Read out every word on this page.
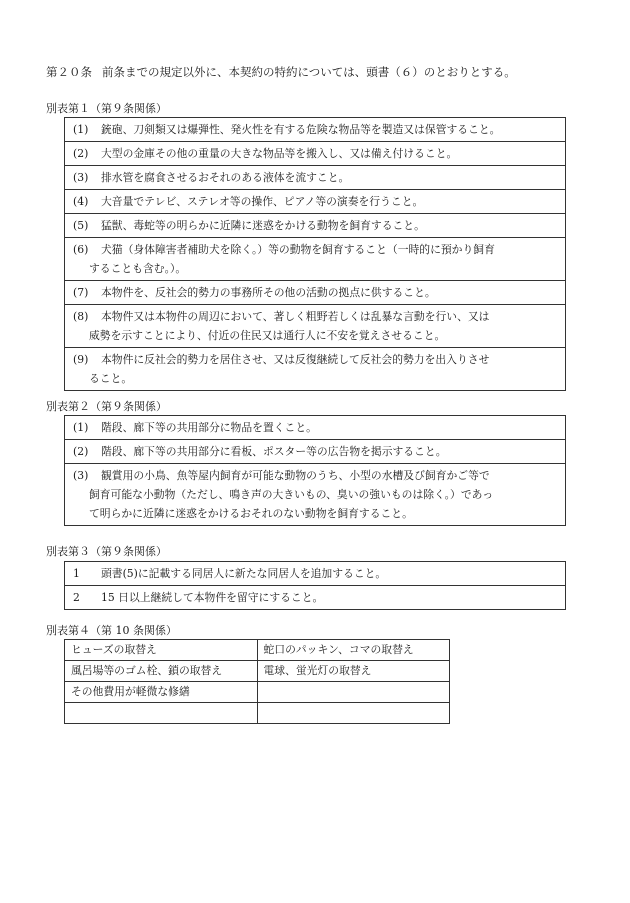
第２０条 前条までの規定以外に、本契約の特約については、頭書（６）のとおりとする。
別表第１（第９条関係）
(1) 銃砲、刀剣類又は爆弾性、発火性を有する危険な物品等を製造又は保管すること。

(2) 大型の金庫その他の重量の大きな物品等を搬入し、又は備え付けること。

(3) 排水管を腐食させるおそれのある液体を流すこと。

(4) 大音量でテレビ、ステレオ等の操作、ピアノ等の演奏を行うこと。

(5) 猛獣、毒蛇等の明らかに近隣に迷惑をかける動物を飼育すること。

(6) 犬猫（身体障害者補助犬を除く。）等の動物を飼育すること（一時的に預かり飼育
することも含む。）。

(7) 本物件を、反社会的勢力の事務所その他の活動の拠点に供すること。

(8) 本物件又は本物件の周辺において、著しく粗野若しくは乱暴な言動を行い、又は
威勢を示すことにより、付近の住民又は通行人に不安を覚えさせること。

(9) 本物件に反社会的勢力を居住させ、又は反復継続して反社会的勢力を出入りさせ
ること。
別表第２（第９条関係）
(1) 階段、廊下等の共用部分に物品を置くこと。

(2) 階段、廊下等の共用部分に看板、ポスター等の広告物を掲示すること。

(3) 観賞用の小鳥、魚等屋内飼育が可能な動物のうち、小型の水槽及び飼育かご等で
飼育可能な小動物（ただし、鳴き声の大きいもの、臭いの強いものは除く。）であっ
て明らかに近隣に迷惑をかけるおそれのない動物を飼育すること。
別表第３（第９条関係）
1 頭書(5)に記載する同居人に新たな同居人を追加すること。

2 15 日以上継続して本物件を留守にすること。
別表第４（第 10 条関係）
ヒューズの取替え	蛇口のパッキン、コマの取替え
風呂場等のゴム栓、鎖の取替え	電球、蛍光灯の取替え
その他費用が軽微な修繕	
